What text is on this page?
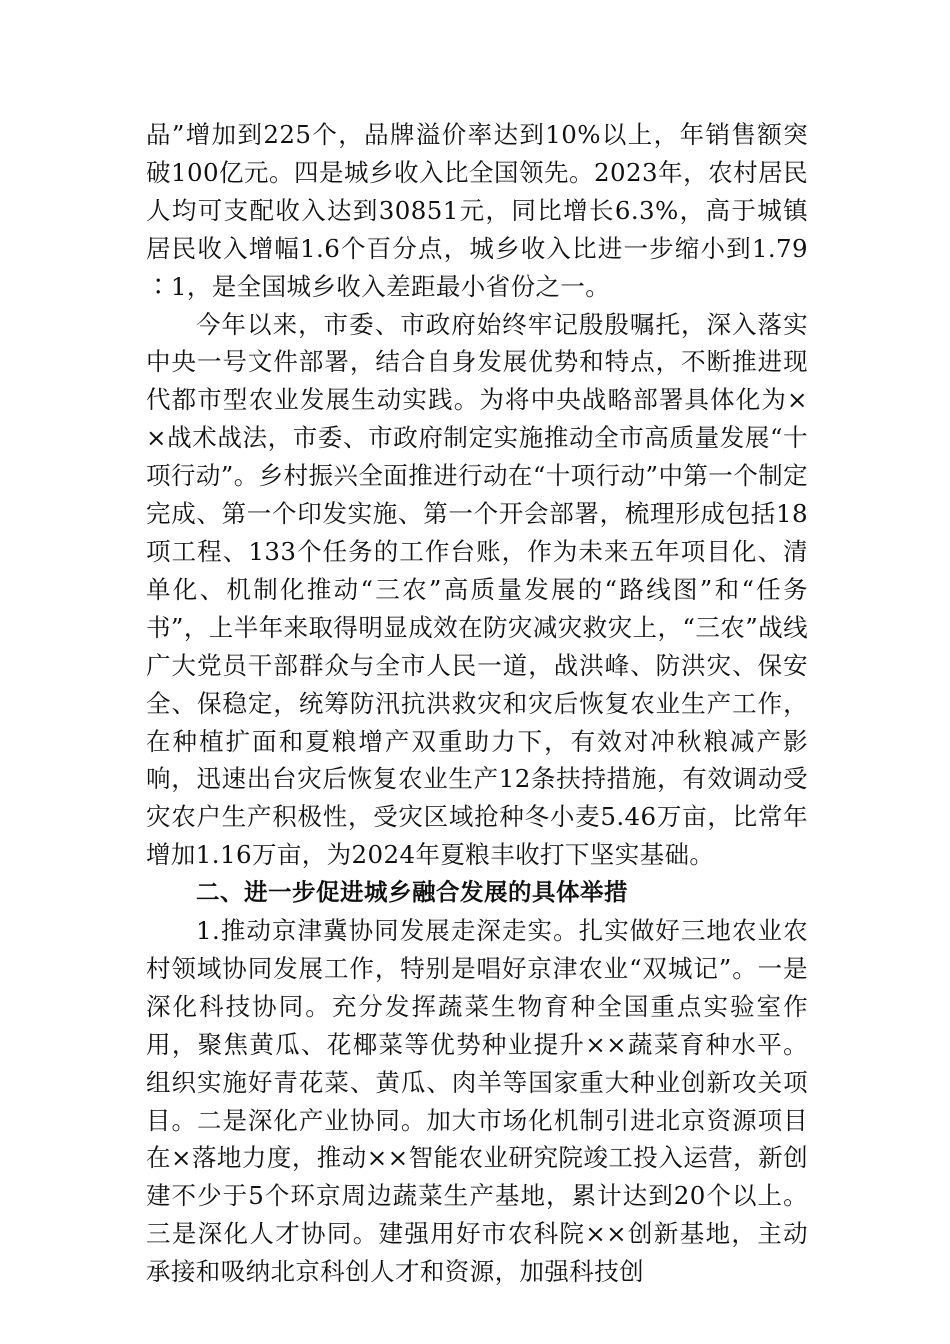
品”增加到225个，品牌溢价率达到10%以上，年销售额突破100亿元。四是城乡收入比全国领先。2023年，农村居民人均可支配收入达到30851元，同比增长6.3%，高于城镇居民收入增幅1.6个百分点，城乡收入比进一步缩小到1.79∶1，是全国城乡收入差距最小省份之一。

今年以来，市委、市政府始终牢记殷殷嘱托，深入落实中央一号文件部署，结合自身发展优势和特点，不断推进现代都市型农业发展生动实践。为将中央战略部署具体化为××战术战法，市委、市政府制定实施推动全市高质量发展“十项行动”。乡村振兴全面推进行动在“十项行动”中第一个制定完成、第一个印发实施、第一个开会部署，梳理形成包括18项工程、133个任务的工作台账，作为未来五年项目化、清单化、机制化推动“三农”高质量发展的“路线图”和“任务书”，上半年来取得明显成效在防灾减灾救灾上，“三农”战线广大党员干部群众与全市人民一道，战洪峰、防洪灾、保安全、保稳定，统筹防汛抗洪救灾和灾后恢复农业生产工作，在种植扩面和夏粮增产双重助力下，有效对冲秋粮减产影响，迅速出台灾后恢复农业生产12条扶持措施，有效调动受灾农户生产积极性，受灾区域抢种冬小麦5.46万亩，比常年增加1.16万亩，为2024年夏粮丰收打下坚实基础。

二、进一步促进城乡融合发展的具体举措

1.推动京津冀协同发展走深走实。扎实做好三地农业农村领域协同发展工作，特别是唱好京津农业“双城记”。一是深化科技协同。充分发挥蔬菜生物育种全国重点实验室作用，聚焦黄瓜、花椰菜等优势种业提升××蔬菜育种水平。组织实施好青花菜、黄瓜、肉羊等国家重大种业创新攻关项目。二是深化产业协同。加大市场化机制引进北京资源项目在×落地力度，推动××智能农业研究院竣工投入运营，新创建不少于5个环京周边蔬菜生产基地，累计达到20个以上。三是深化人才协同。建强用好市农科院××创新基地，主动承接和吸纳北京科创人才和资源，加强科技创
